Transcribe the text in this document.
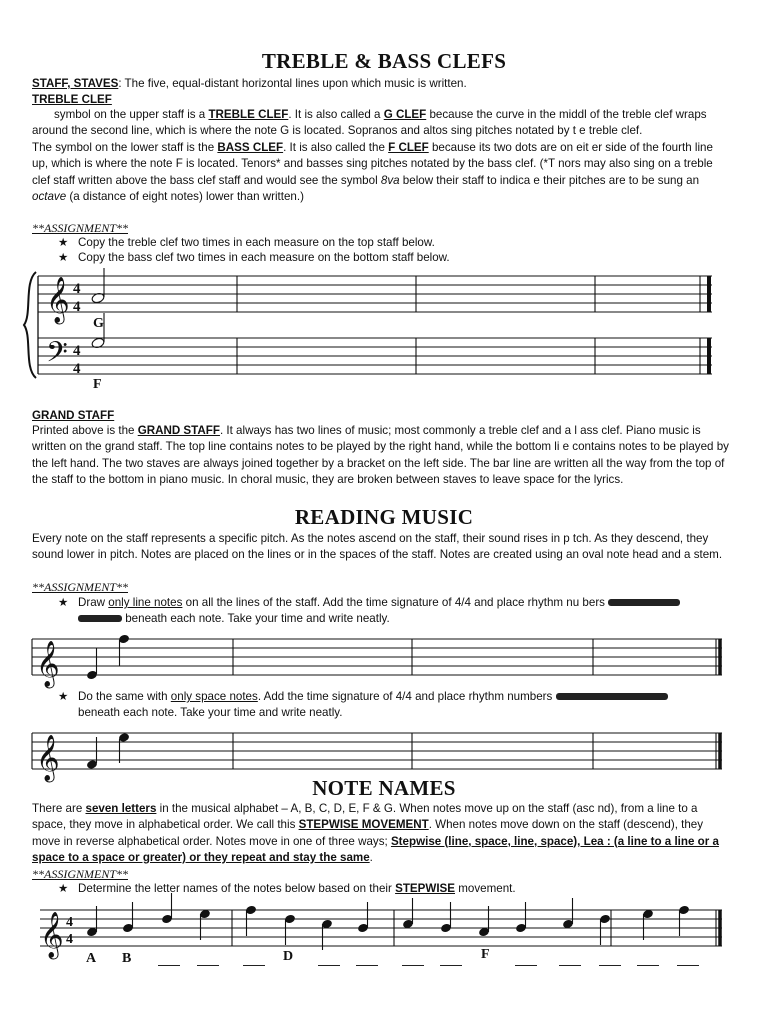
TREBLE & BASS CLEFS
STAFF, STAVES: The five, equal-distant horizontal lines upon which music is written.
TREBLE CLEF
symbol on the upper staff is a TREBLE CLEF. It is also called a G CLEF because the curve in the middl of the treble clef wraps around the second line, which is where the note G is located. Sopranos and altos sing pitches notated by t e treble clef.
The symbol on the lower staff is the BASS CLEF. It is also called the F CLEF because its two dots are on eit er side of the fourth line up, which is where the note F is located. Tenors* and basses sing pitches notated by the bass clef. (*T nors may also sing on a treble clef staff written above the bass clef staff and would see the symbol 8va below their staff to indica e their pitches are to be sung an octave (a distance of eight notes) lower than written.)
**ASSIGNMENT**
★ Copy the treble clef two times in each measure on the top staff below.
★ Copy the bass clef two times in each measure on the bottom staff below.
𝄞
𝄢
4
4
4
4
𝄞
𝄞
𝄞 4
4
G
F
GRAND STAFF
Printed above is the GRAND STAFF. It always has two lines of music; most commonly a treble clef and a l ass clef. Piano music is written on the grand staff. The top line contains notes to be played by the right hand, while the bottom li e contains notes to be played by the left hand. The two staves are always joined together by a bracket on the left side. The bar line are written all the way from the top of the staff to the bottom in piano music. In choral music, they are broken between staves to leave space for the lyrics.
READING MUSIC
Every note on the staff represents a specific pitch. As the notes ascend on the staff, their sound rises in p tch. As they descend, they sound lower in pitch. Notes are placed on the lines or in the spaces of the staff. Notes are created using an oval note head and a stem.
**ASSIGNMENT**
★ Draw only line notes on all the lines of the staff. Add the time signature of 4/4 and place rhythm nu bers
beneath each note. Take your time and write neatly.
★ Do the same with only space notes. Add the time signature of 4/4 and place rhythm numbers
beneath each note. Take your time and write neatly.
NOTE NAMES
There are seven letters in the musical alphabet – A, B, C, D, E, F & G. When notes move up on the staff (asc nd), from a line to a space, they move in alphabetical order. We call this STEPWISE MOVEMENT. When notes move down on the staff (descend), they move in reverse alphabetical order. Notes move in one of three ways; Stepwise (line, space, line, space), Lea : (a line to a line or a space to a space or greater) or they repeat and stay the same.
**ASSIGNMENT**
★ Determine the letter names of the notes below based on their STEPWISE movement.
A B	D	F
